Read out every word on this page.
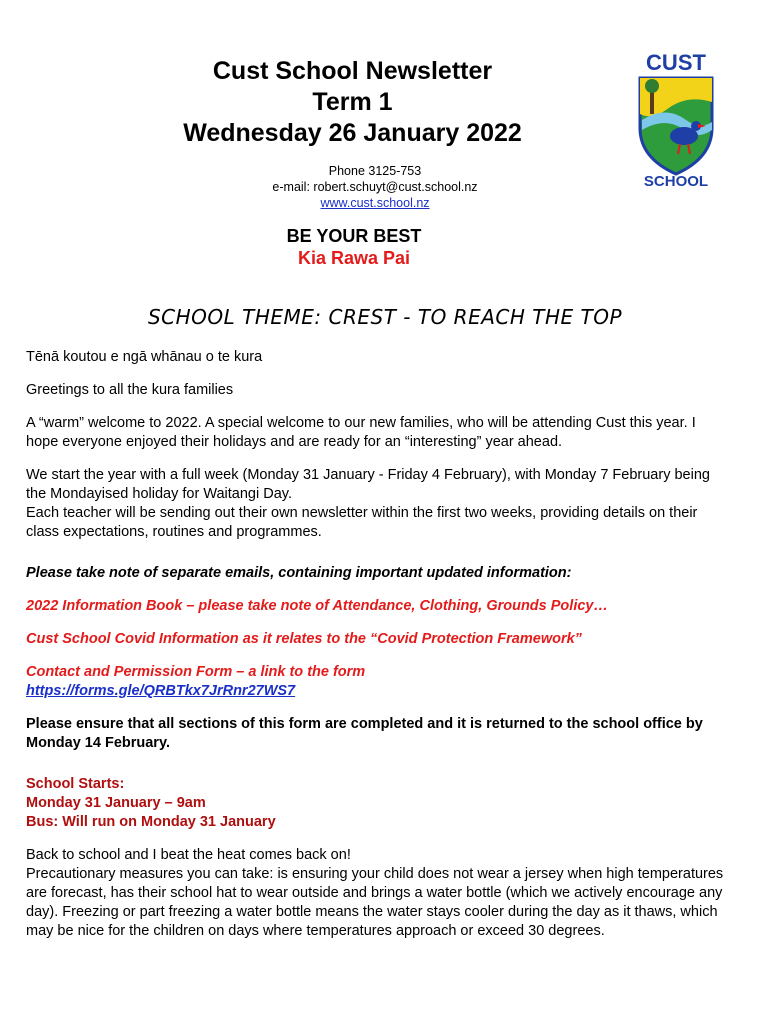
Cust School Newsletter

Term 1

Wednesday 26 January 2022

Phone 3125-753
e-mail: robert.schuyt@cust.school.nz
www.cust.school.nz
CUST
SCHOOL
BE YOUR BEST
Kia Rawa Pai
SCHOOL THEME: CREST - TO REACH THE TOP

Tēnā koutou e ngā whānau o te kura

Greetings to all the kura families

A “warm” welcome to 2022. A special welcome to our new families, who will be attending Cust this year. I hope everyone enjoyed their holidays and are ready for an “interesting” year ahead.

We start the year with a full week (Monday 31 January - Friday 4 February), with Monday 7 February being the Mondayised holiday for Waitangi Day.
Each teacher will be sending out their own newsletter within the first two weeks, providing details on their class expectations, routines and programmes.

Please take note of separate emails, containing important updated information:

2022 Information Book – please take note of Attendance, Clothing, Grounds Policy…

Cust School Covid Information as it relates to the “Covid Protection Framework”

Contact and Permission Form – a link to the form
https://forms.gle/QRBTkx7JrRnr27WS7

Please ensure that all sections of this form are completed and it is returned to the school office by Monday 14 February.

School Starts:
Monday 31 January – 9am
Bus: Will run on Monday 31 January

Back to school and I beat the heat comes back on!
Precautionary measures you can take: is ensuring your child does not wear a jersey when high temperatures are forecast, has their school hat to wear outside and brings a water bottle (which we actively encourage any day). Freezing or part freezing a water bottle means the water stays cooler during the day as it thaws, which may be nice for the children on days where temperatures approach or exceed 30 degrees.
